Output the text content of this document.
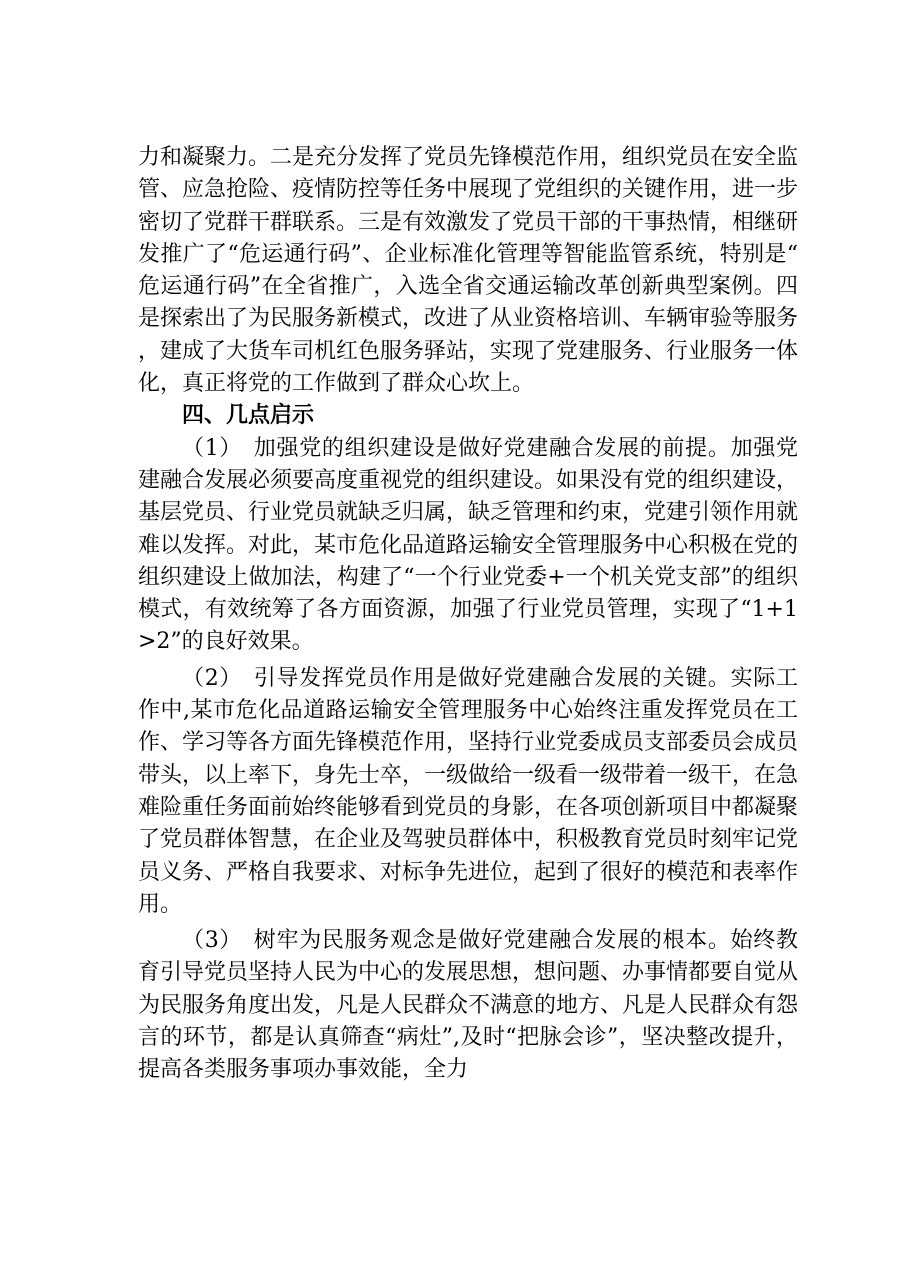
力和凝聚力。二是充分发挥了党员先锋模范作用，组织党员在安全监管、应急抢险、疫情防控等任务中展现了党组织的关键作用，进一步密切了党群干群联系。三是有效激发了党员干部的干事热情，相继研发推广了“危运通行码”、企业标准化管理等智能监管系统，特别是“危运通行码”在全省推广，入选全省交通运输改革创新典型案例。四是探索出了为民服务新模式，改进了从业资格培训、车辆审验等服务，建成了大货车司机红色服务驿站，实现了党建服务、行业服务一体化，真正将党的工作做到了群众心坎上。

四、几点启示

（1）　加强党的组织建设是做好党建融合发展的前提。加强党建融合发展必须要高度重视党的组织建设。如果没有党的组织建设，基层党员、行业党员就缺乏归属，缺乏管理和约束，党建引领作用就难以发挥。对此，某市危化品道路运输安全管理服务中心积极在党的组织建设上做加法，构建了“一个行业党委+一个机关党支部”的组织模式，有效统筹了各方面资源，加强了行业党员管理，实现了“1+1>2”的良好效果。

（2）　引导发挥党员作用是做好党建融合发展的关键。实际工作中,某市危化品道路运输安全管理服务中心始终注重发挥党员在工作、学习等各方面先锋模范作用，坚持行业党委成员支部委员会成员带头，以上率下，身先士卒，一级做给一级看一级带着一级干，在急难险重任务面前始终能够看到党员的身影，在各项创新项目中都凝聚了党员群体智慧，在企业及驾驶员群体中，积极教育党员时刻牢记党员义务、严格自我要求、对标争先进位，起到了很好的模范和表率作用。

（3）　树牢为民服务观念是做好党建融合发展的根本。始终教育引导党员坚持人民为中心的发展思想，想问题、办事情都要自觉从为民服务角度出发，凡是人民群众不满意的地方、凡是人民群众有怨言的环节，都是认真筛查“病灶”,及时“把脉会诊”，坚决整改提升，提高各类服务事项办事效能，全力
